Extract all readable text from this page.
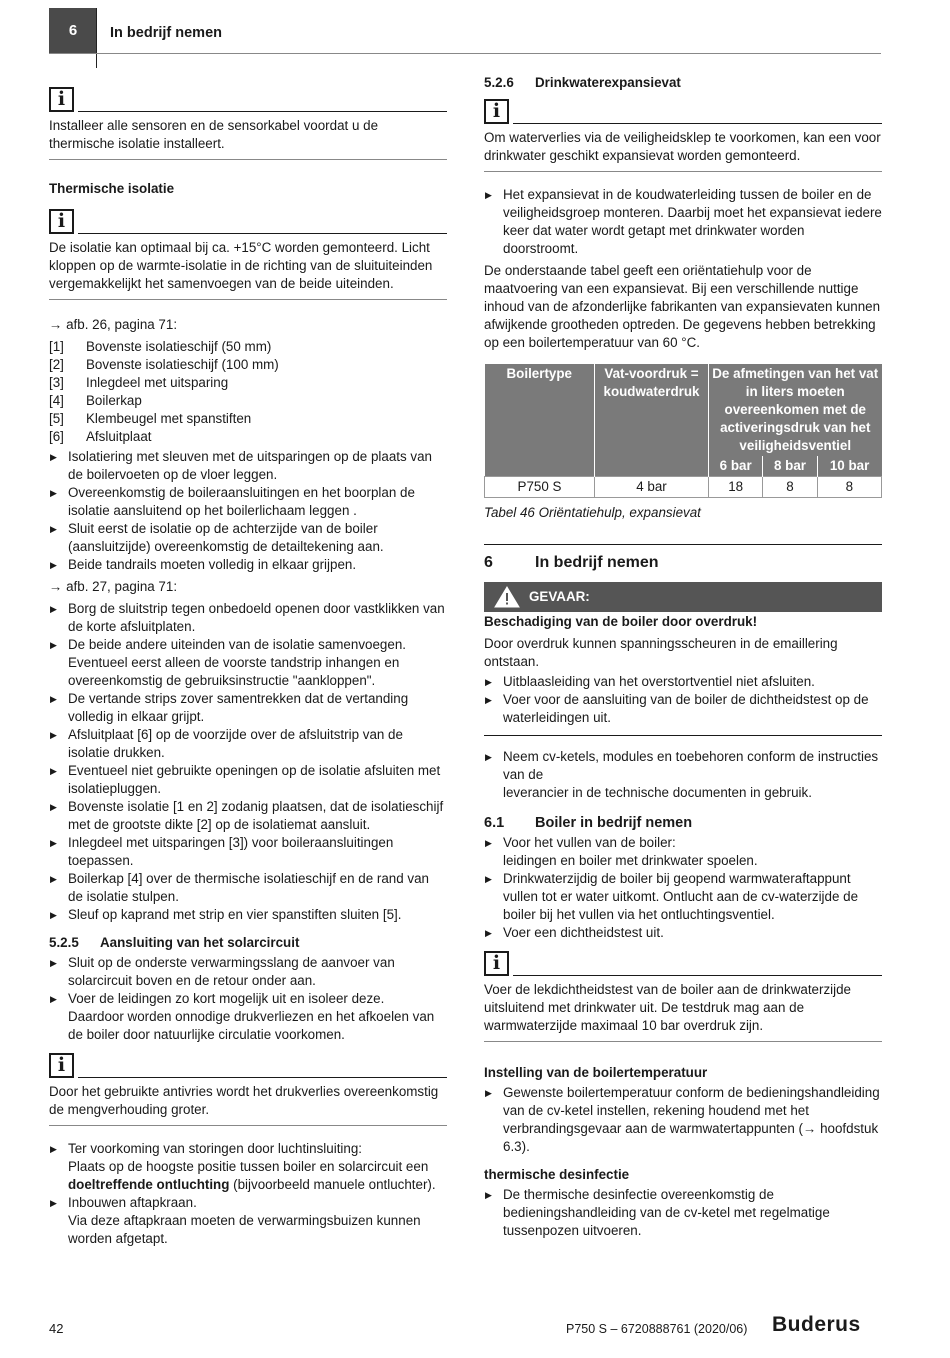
6	In bedrijf nemen
i
Installeer alle sensoren en de sensorkabel voordat u de thermische isolatie installeert.
Thermische isolatie
i
De isolatie kan optimaal bij ca. +15°C worden gemonteerd. Licht kloppen op de warmte-isolatie in de richting van de sluituiteinden vergemakkelijkt het samenvoegen van de beide uiteinden.
→ afb. 26, pagina 71:
[1]	Bovenste isolatieschijf (50 mm)
[2]	Bovenste isolatieschijf (100 mm)
[3]	Inlegdeel met uitsparing
[4]	Boilerkap
[5]	Klembeugel met spanstiften
[6]	Afsluitplaat
▶ Isolatiering met sleuven met de uitsparingen op de plaats van de boilervoeten op de vloer leggen.
▶ Overeenkomstig de boileraansluitingen en het boorplan de isolatie aansluitend op het boilerlichaam leggen .
▶ Sluit eerst de isolatie op de achterzijde van de boiler (aansluitzijde) overeenkomstig de detailtekening aan.
▶ Beide tandrails moeten volledig in elkaar grijpen.
→ afb. 27, pagina 71:
▶ Borg de sluitstrip tegen onbedoeld openen door vastklikken van de korte afsluitplaten.
▶ De beide andere uiteinden van de isolatie samenvoegen. Eventueel eerst alleen de voorste tandstrip inhangen en overeenkomstig de gebruiksinstructie "aankloppen".
▶ De vertande strips zover samentrekken dat de vertanding volledig in elkaar grijpt.
▶ Afsluitplaat [6] op de voorzijde over de afsluitstrip van de isolatie drukken.
▶ Eventueel niet gebruikte openingen op de isolatie afsluiten met isolatiepluggen.
▶ Bovenste isolatie [1 en 2] zodanig plaatsen, dat de isolatieschijf met de grootste dikte [2] op de isolatiemat aansluit.
▶ Inlegdeel met uitsparingen [3]) voor boileraansluitingen toepassen.
▶ Boilerkap [4] over de thermische isolatieschijf en de rand van de isolatie stulpen.
▶ Sleuf op kaprand met strip en vier spanstiften sluiten [5].
5.2.5	Aansluiting van het solarcircuit
▶ Sluit op de onderste verwarmingsslang de aanvoer van solarcircuit boven en de retour onder aan.
▶ Voer de leidingen zo kort mogelijk uit en isoleer deze.
Daardoor worden onnodige drukverliezen en het afkoelen van de boiler door natuurlijke circulatie voorkomen.
i
Door het gebruikte antivries wordt het drukverlies overeenkomstig de mengverhouding groter.
▶ Ter voorkoming van storingen door luchtinsluiting:
Plaats op de hoogste positie tussen boiler en solarcircuit een doeltreffende ontluchting (bijvoorbeeld manuele ontluchter).
▶ Inbouwen aftapkraan.
Via deze aftapkraan moeten de verwarmingsbuizen kunnen worden afgetapt.
5.2.6	Drinkwaterexpansievat
i
Om waterverlies via de veiligheidsklep te voorkomen, kan een voor drinkwater geschikt expansievat worden gemonteerd.
▶ Het expansievat in de koudwaterleiding tussen de boiler en de veiligheidsgroep monteren. Daarbij moet het expansievat iedere keer dat water wordt getapt met drinkwater worden doorstroomt.
De onderstaande tabel geeft een oriëntatiehulp voor de maatvoering van een expansievat. Bij een verschillende nuttige inhoud van de afzonderlijke fabrikanten van expansievaten kunnen afwijkende grootheden optreden. De gegevens hebben betrekking op een boilertemperatuur van 60 °C.
Boilertype	Vat-voordruk = koudwaterdruk	De afmetingen van het vat in liters moeten overeenkomen met de activeringsdruk van het veiligheidsventiel		
		6 bar	8 bar	10 bar
P750 S	4 bar	18	8	8
Tabel 46 Oriëntatiehulp, expansievat
6	In bedrijf nemen
GEVAAR:
Beschadiging van de boiler door overdruk!
Door overdruk kunnen spanningsscheuren in de emaillering ontstaan.
▶ Uitblaasleiding van het overstortventiel niet afsluiten.
▶ Voer voor de aansluiting van de boiler de dichtheidstest op de waterleidingen uit.
▶ Neem cv-ketels, modules en toebehoren conform de instructies van de
leverancier in de technische documenten in gebruik.
6.1	Boiler in bedrijf nemen
▶ Voor het vullen van de boiler:
leidingen en boiler met drinkwater spoelen.
▶ Drinkwaterzijdig de boiler bij geopend warmwateraftappunt vullen tot er water uitkomt. Ontlucht aan de cv-waterzijde de boiler bij het vullen via het ontluchtingsventiel.
▶ Voer een dichtheidstest uit.
i
Voer de lekdichtheidstest van de boiler aan de drinkwaterzijde uitsluitend met drinkwater uit. De testdruk mag aan de warmwaterzijde maximaal 10 bar overdruk zijn.
Instelling van de boilertemperatuur
▶ Gewenste boilertemperatuur conform de bedieningshandleiding van de cv-ketel instellen, rekening houdend met het verbrandingsgevaar aan de warmwatertappunten (→ hoofdstuk 6.3).
thermische desinfectie
▶ De thermische desinfectie overeenkomstig de bedieningshandleiding van de cv-ketel met regelmatige tussenpozen uitvoeren.
42	P750 S – 6720888761 (2020/06) Buderus
